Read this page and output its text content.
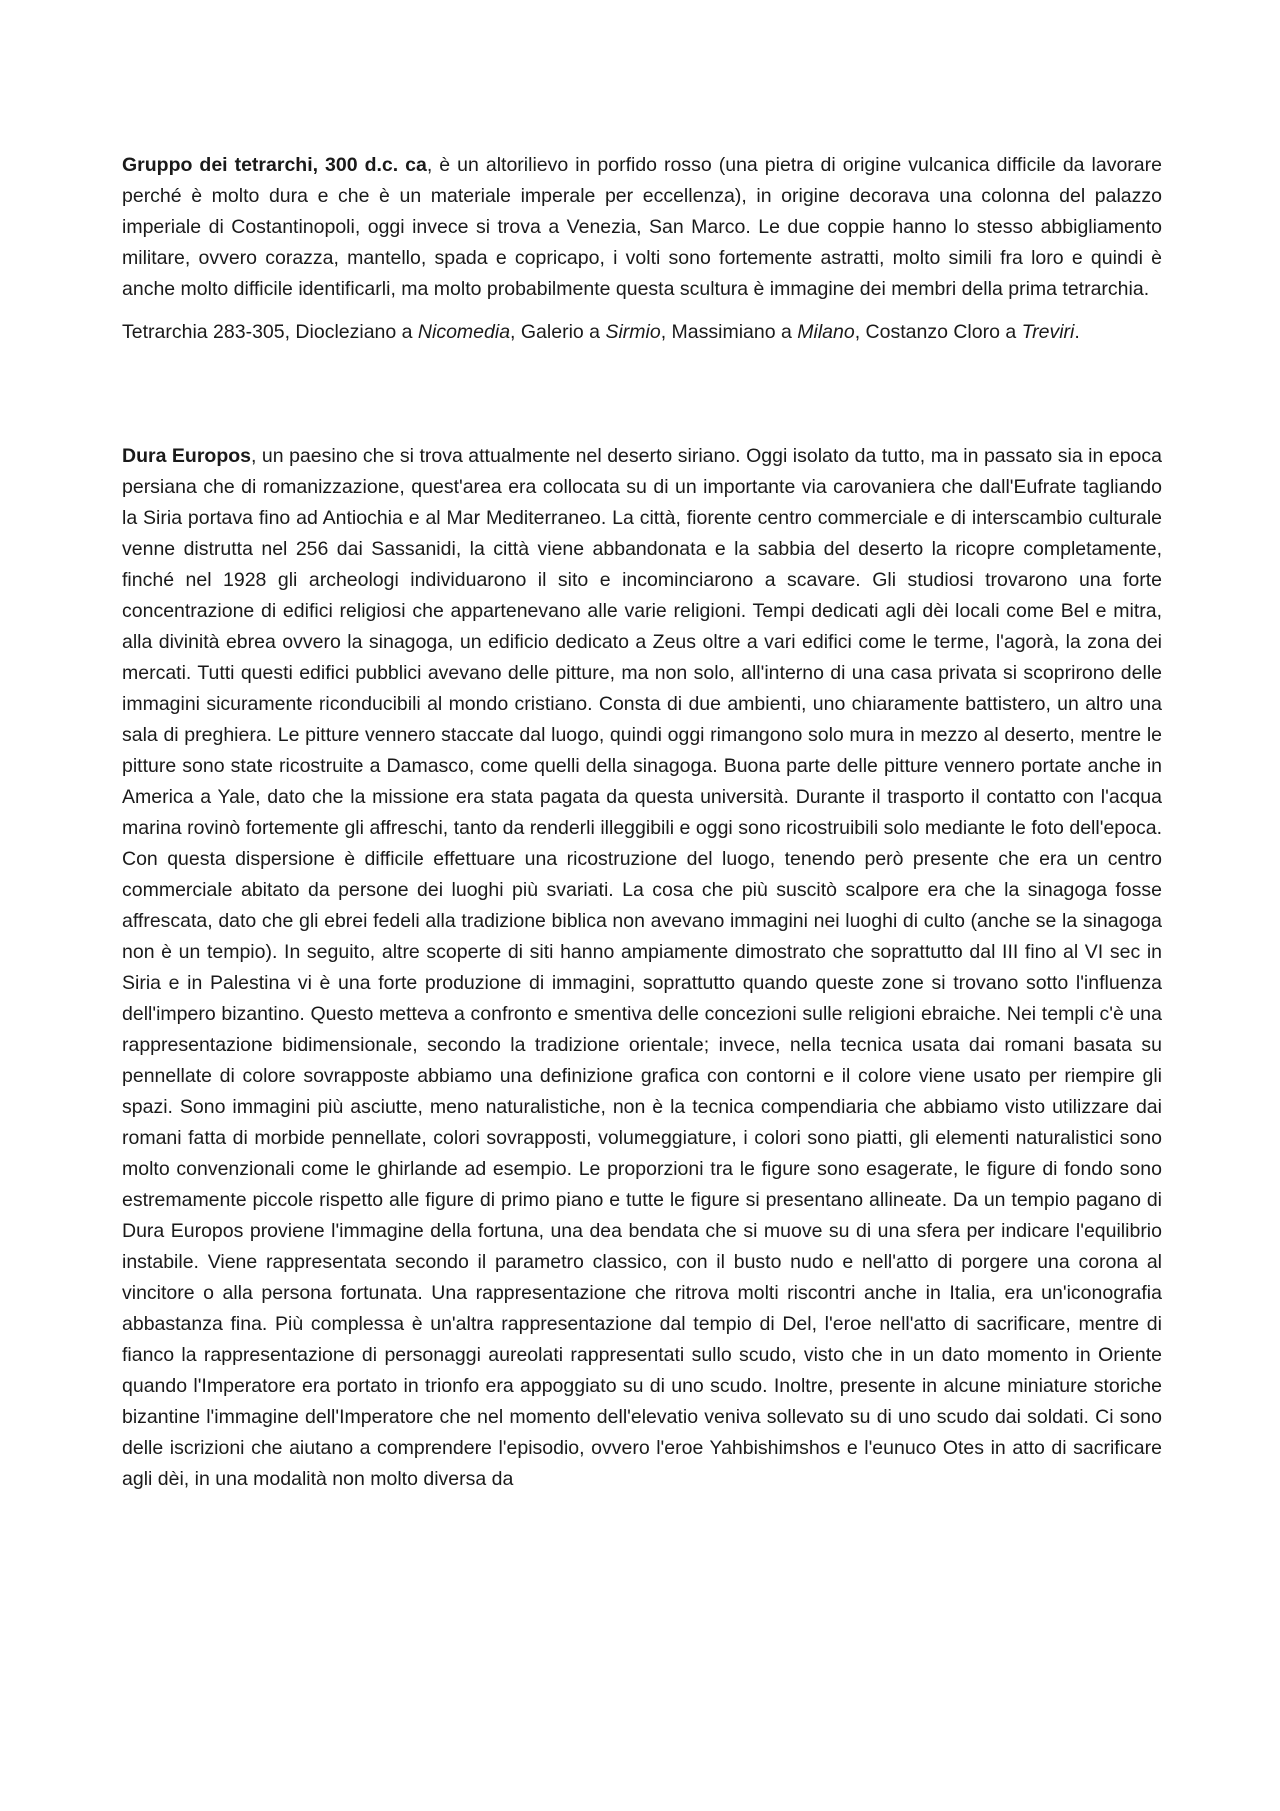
Gruppo dei tetrarchi, 300 d.c. ca, è un altorilievo in porfido rosso (una pietra di origine vulcanica difficile da lavorare perché è molto dura e che è un materiale imperale per eccellenza), in origine decorava una colonna del palazzo imperiale di Costantinopoli, oggi invece si trova a Venezia, San Marco. Le due coppie hanno lo stesso abbigliamento militare, ovvero corazza, mantello, spada e copricapo, i volti sono fortemente astratti, molto simili fra loro e quindi è anche molto difficile identificarli, ma molto probabilmente questa scultura è immagine dei membri della prima tetrarchia.

Tetrarchia 283-305, Diocleziano a Nicomedia, Galerio a Sirmio, Massimiano a Milano, Costanzo Cloro a Treviri.

Dura Europos, un paesino che si trova attualmente nel deserto siriano. Oggi isolato da tutto, ma in passato sia in epoca persiana che di romanizzazione, quest'area era collocata su di un importante via carovaniera che dall'Eufrate tagliando la Siria portava fino ad Antiochia e al Mar Mediterraneo. La città, fiorente centro commerciale e di interscambio culturale venne distrutta nel 256 dai Sassanidi, la città viene abbandonata e la sabbia del deserto la ricopre completamente, finché nel 1928 gli archeologi individuarono il sito e incominciarono a scavare. Gli studiosi trovarono una forte concentrazione di edifici religiosi che appartenevano alle varie religioni. Tempi dedicati agli dèi locali come Bel e mitra, alla divinità ebrea ovvero la sinagoga, un edificio dedicato a Zeus oltre a vari edifici come le terme, l'agorà, la zona dei mercati. Tutti questi edifici pubblici avevano delle pitture, ma non solo, all'interno di una casa privata si scoprirono delle immagini sicuramente riconducibili al mondo cristiano. Consta di due ambienti, uno chiaramente battistero, un altro una sala di preghiera. Le pitture vennero staccate dal luogo, quindi oggi rimangono solo mura in mezzo al deserto, mentre le pitture sono state ricostruite a Damasco, come quelli della sinagoga. Buona parte delle pitture vennero portate anche in America a Yale, dato che la missione era stata pagata da questa università. Durante il trasporto il contatto con l'acqua marina rovinò fortemente gli affreschi, tanto da renderli illeggibili e oggi sono ricostruibili solo mediante le foto dell'epoca. Con questa dispersione è difficile effettuare una ricostruzione del luogo, tenendo però presente che era un centro commerciale abitato da persone dei luoghi più svariati. La cosa che più suscitò scalpore era che la sinagoga fosse affrescata, dato che gli ebrei fedeli alla tradizione biblica non avevano immagini nei luoghi di culto (anche se la sinagoga non è un tempio). In seguito, altre scoperte di siti hanno ampiamente dimostrato che soprattutto dal III fino al VI sec in Siria e in Palestina vi è una forte produzione di immagini, soprattutto quando queste zone si trovano sotto l'influenza dell'impero bizantino. Questo metteva a confronto e smentiva delle concezioni sulle religioni ebraiche. Nei templi c'è una rappresentazione bidimensionale, secondo la tradizione orientale; invece, nella tecnica usata dai romani basata su pennellate di colore sovrapposte abbiamo una definizione grafica con contorni e il colore viene usato per riempire gli spazi. Sono immagini più asciutte, meno naturalistiche, non è la tecnica compendiaria che abbiamo visto utilizzare dai romani fatta di morbide pennellate, colori sovrapposti, volumeggiature, i colori sono piatti, gli elementi naturalistici sono molto convenzionali come le ghirlande ad esempio. Le proporzioni tra le figure sono esagerate, le figure di fondo sono estremamente piccole rispetto alle figure di primo piano e tutte le figure si presentano allineate. Da un tempio pagano di Dura Europos proviene l'immagine della fortuna, una dea bendata che si muove su di una sfera per indicare l'equilibrio instabile. Viene rappresentata secondo il parametro classico, con il busto nudo e nell'atto di porgere una corona al vincitore o alla persona fortunata. Una rappresentazione che ritrova molti riscontri anche in Italia, era un'iconografia abbastanza fina. Più complessa è un'altra rappresentazione dal tempio di Del, l'eroe nell'atto di sacrificare, mentre di fianco la rappresentazione di personaggi aureolati rappresentati sullo scudo, visto che in un dato momento in Oriente quando l'Imperatore era portato in trionfo era appoggiato su di uno scudo. Inoltre, presente in alcune miniature storiche bizantine l'immagine dell'Imperatore che nel momento dell'elevatio veniva sollevato su di uno scudo dai soldati. Ci sono delle iscrizioni che aiutano a comprendere l'episodio, ovvero l'eroe Yahbishimshos e l'eunuco Otes in atto di sacrificare agli dèi, in una modalità non molto diversa da
